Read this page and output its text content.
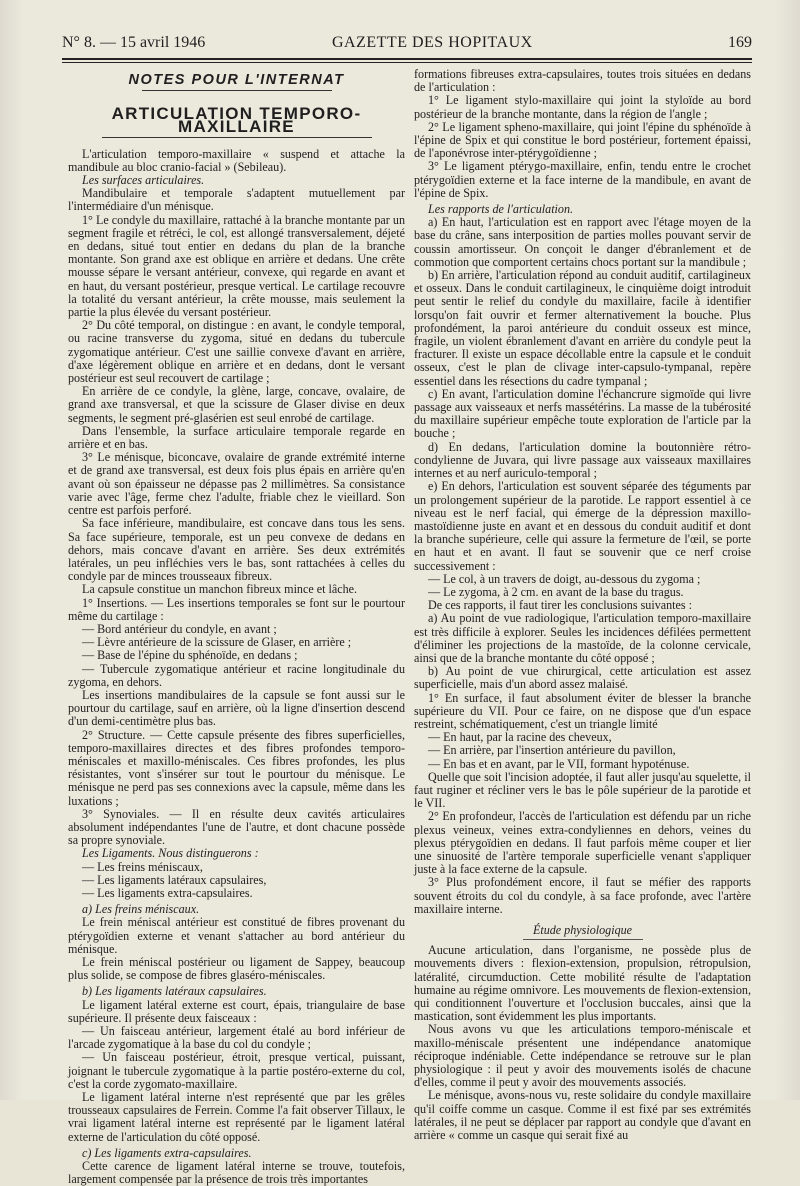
N° 8. — 15 avril 1946	GAZETTE DES HOPITAUX	169
NOTES POUR L'INTERNAT
ARTICULATION TEMPORO-MAXILLAIRE

L'articulation temporo-maxillaire « suspend et attache la mandibule au bloc cranio-facial » (Sebileau).

Les surfaces articulaires.

Mandibulaire et temporale s'adaptent mutuellement par l'intermédiaire d'un ménisque.

1° Le condyle du maxillaire, rattaché à la branche montante par un segment fragile et rétréci, le col, est allongé transversalement, déjeté en dedans, situé tout entier en dedans du plan de la branche montante. Son grand axe est oblique en arrière et dedans. Une crête mousse sépare le versant antérieur, convexe, qui regarde en avant et en haut, du versant postérieur, presque vertical. Le cartilage recouvre la totalité du versant antérieur, la crête mousse, mais seulement la partie la plus élevée du versant postérieur.

2° Du côté temporal, on distingue : en avant, le condyle temporal, ou racine transverse du zygoma, situé en dedans du tubercule zygomatique antérieur. C'est une saillie convexe d'avant en arrière, d'axe légèrement oblique en arrière et en dedans, dont le versant postérieur est seul recouvert de cartilage ;

En arrière de ce condyle, la glène, large, concave, ovalaire, de grand axe transversal, et que la scissure de Glaser divise en deux segments, le segment pré-glasérien est seul enrobé de cartilage.

Dans l'ensemble, la surface articulaire temporale regarde en arrière et en bas.

3° Le ménisque, biconcave, ovalaire de grande extrémité interne et de grand axe transversal, est deux fois plus épais en arrière qu'en avant où son épaisseur ne dépasse pas 2 millimètres. Sa consistance varie avec l'âge, ferme chez l'adulte, friable chez le vieillard. Son centre est parfois perforé.

Sa face inférieure, mandibulaire, est concave dans tous les sens. Sa face supérieure, temporale, est un peu convexe de dedans en dehors, mais concave d'avant en arrière. Ses deux extrémités latérales, un peu infléchies vers le bas, sont rattachées à celles du condyle par de minces trousseaux fibreux.

La capsule constitue un manchon fibreux mince et lâche.

1° Insertions. — Les insertions temporales se font sur le pourtour même du cartilage :

— Bord antérieur du condyle, en avant ;

— Lèvre antérieure de la scissure de Glaser, en arrière ;

— Base de l'épine du sphénoïde, en dedans ;

— Tubercule zygomatique antérieur et racine longitudinale du zygoma, en dehors.

Les insertions mandibulaires de la capsule se font aussi sur le pourtour du cartilage, sauf en arrière, où la ligne d'insertion descend d'un demi-centimètre plus bas.

2° Structure. — Cette capsule présente des fibres superficielles, temporo-maxillaires directes et des fibres profondes temporo-méniscales et maxillo-méniscales. Ces fibres profondes, les plus résistantes, vont s'insérer sur tout le pourtour du ménisque. Le ménisque ne perd pas ses connexions avec la capsule, même dans les luxations ;

3° Synoviales. — Il en résulte deux cavités articulaires absolument indépendantes l'une de l'autre, et dont chacune possède sa propre synoviale.

Les Ligaments. Nous distinguerons :

— Les freins méniscaux,

— Les ligaments latéraux capsulaires,

— Les ligaments extra-capsulaires.

a) Les freins méniscaux.

Le frein méniscal antérieur est constitué de fibres provenant du ptérygoïdien externe et venant s'attacher au bord antérieur du ménisque.

Le frein méniscal postérieur ou ligament de Sappey, beaucoup plus solide, se compose de fibres glaséro-méniscales.

b) Les ligaments latéraux capsulaires.

Le ligament latéral externe est court, épais, triangulaire de base supérieure. Il présente deux faisceaux :

— Un faisceau antérieur, largement étalé au bord inférieur de l'arcade zygomatique à la base du col du condyle ;

— Un faisceau postérieur, étroit, presque vertical, puissant, joignant le tubercule zygomatique à la partie postéro-externe du col, c'est la corde zygomato-maxillaire.

Le ligament latéral interne n'est représenté que par les grêles trousseaux capsulaires de Ferrein. Comme l'a fait observer Tillaux, le vrai ligament latéral interne est représenté par le ligament latéral externe de l'articulation du côté opposé.

c) Les ligaments extra-capsulaires.

Cette carence de ligament latéral interne se trouve, toutefois, largement compensée par la présence de trois très importantes

formations fibreuses extra-capsulaires, toutes trois situées en dedans de l'articulation :

1° Le ligament stylo-maxillaire qui joint la styloïde au bord postérieur de la branche montante, dans la région de l'angle ;

2° Le ligament spheno-maxillaire, qui joint l'épine du sphénoïde à l'épine de Spix et qui constitue le bord postérieur, fortement épaissi, de l'aponévrose inter-ptérygoïdienne ;

3° Le ligament ptérygo-maxillaire, enfin, tendu entre le crochet ptérygoïdien externe et la face interne de la mandibule, en avant de l'épine de Spix.

Les rapports de l'articulation.

a) En haut, l'articulation est en rapport avec l'étage moyen de la base du crâne, sans interposition de parties molles pouvant servir de coussin amortisseur. On conçoit le danger d'ébranlement et de commotion que comportent certains chocs portant sur la mandibule ;

b) En arrière, l'articulation répond au conduit auditif, cartilagineux et osseux. Dans le conduit cartilagineux, le cinquième doigt introduit peut sentir le relief du condyle du maxillaire, facile à identifier lorsqu'on fait ouvrir et fermer alternativement la bouche. Plus profondément, la paroi antérieure du conduit osseux est mince, fragile, un violent ébranlement d'avant en arrière du condyle peut la fracturer. Il existe un espace décollable entre la capsule et le conduit osseux, c'est le plan de clivage inter-capsulo-tympanal, repère essentiel dans les résections du cadre tympanal ;

c) En avant, l'articulation domine l'échancrure sigmoïde qui livre passage aux vaisseaux et nerfs massétérins. La masse de la tubérosité du maxillaire supérieur empêche toute exploration de l'article par la bouche ;

d) En dedans, l'articulation domine la boutonnière rétro-condylienne de Juvara, qui livre passage aux vaisseaux maxillaires internes et au nerf auriculo-temporal ;

e) En dehors, l'articulation est souvent séparée des téguments par un prolongement supérieur de la parotide. Le rapport essentiel à ce niveau est le nerf facial, qui émerge de la dépression maxillo-mastoïdienne juste en avant et en dessous du conduit auditif et dont la branche supérieure, celle qui assure la fermeture de l'œil, se porte en haut et en avant. Il faut se souvenir que ce nerf croise successivement :

— Le col, à un travers de doigt, au-dessous du zygoma ;

— Le zygoma, à 2 cm. en avant de la base du tragus.

De ces rapports, il faut tirer les conclusions suivantes :

a) Au point de vue radiologique, l'articulation temporo-maxillaire est très difficile à explorer. Seules les incidences défilées permettent d'éliminer les projections de la mastoïde, de la colonne cervicale, ainsi que de la branche montante du côté opposé ;

b) Au point de vue chirurgical, cette articulation est assez superficielle, mais d'un abord assez malaisé.

1° En surface, il faut absolument éviter de blesser la branche supérieure du VII. Pour ce faire, on ne dispose que d'un espace restreint, schématiquement, c'est un triangle limité

— En haut, par la racine des cheveux,

— En arrière, par l'insertion antérieure du pavillon,

— En bas et en avant, par le VII, formant hypoténuse.

Quelle que soit l'incision adoptée, il faut aller jusqu'au squelette, il faut ruginer et récliner vers le bas le pôle supérieur de la parotide et le VII.

2° En profondeur, l'accès de l'articulation est défendu par un riche plexus veineux, veines extra-condyliennes en dehors, veines du plexus ptérygoïdien en dedans. Il faut parfois même couper et lier une sinuosité de l'artère temporale superficielle venant s'appliquer juste à la face externe de la capsule.

3° Plus profondément encore, il faut se méfier des rapports souvent étroits du col du condyle, à sa face profonde, avec l'artère maxillaire interne.

Étude physiologique

Aucune articulation, dans l'organisme, ne possède plus de mouvements divers : flexion-extension, propulsion, rétropulsion, latéralité, circumduction. Cette mobilité résulte de l'adaptation humaine au régime omnivore. Les mouvements de flexion-extension, qui conditionnent l'ouverture et l'occlusion buccales, ainsi que la mastication, sont évidemment les plus importants.

Nous avons vu que les articulations temporo-méniscale et maxillo-méniscale présentent une indépendance anatomique réciproque indéniable. Cette indépendance se retrouve sur le plan physiologique : il peut y avoir des mouvements isolés de chacune d'elles, comme il peut y avoir des mouvements associés.

Le ménisque, avons-nous vu, reste solidaire du condyle maxillaire qu'il coiffe comme un casque. Comme il est fixé par ses extrémités latérales, il ne peut se déplacer par rapport au condyle que d'avant en arrière « comme un casque qui serait fixé au
